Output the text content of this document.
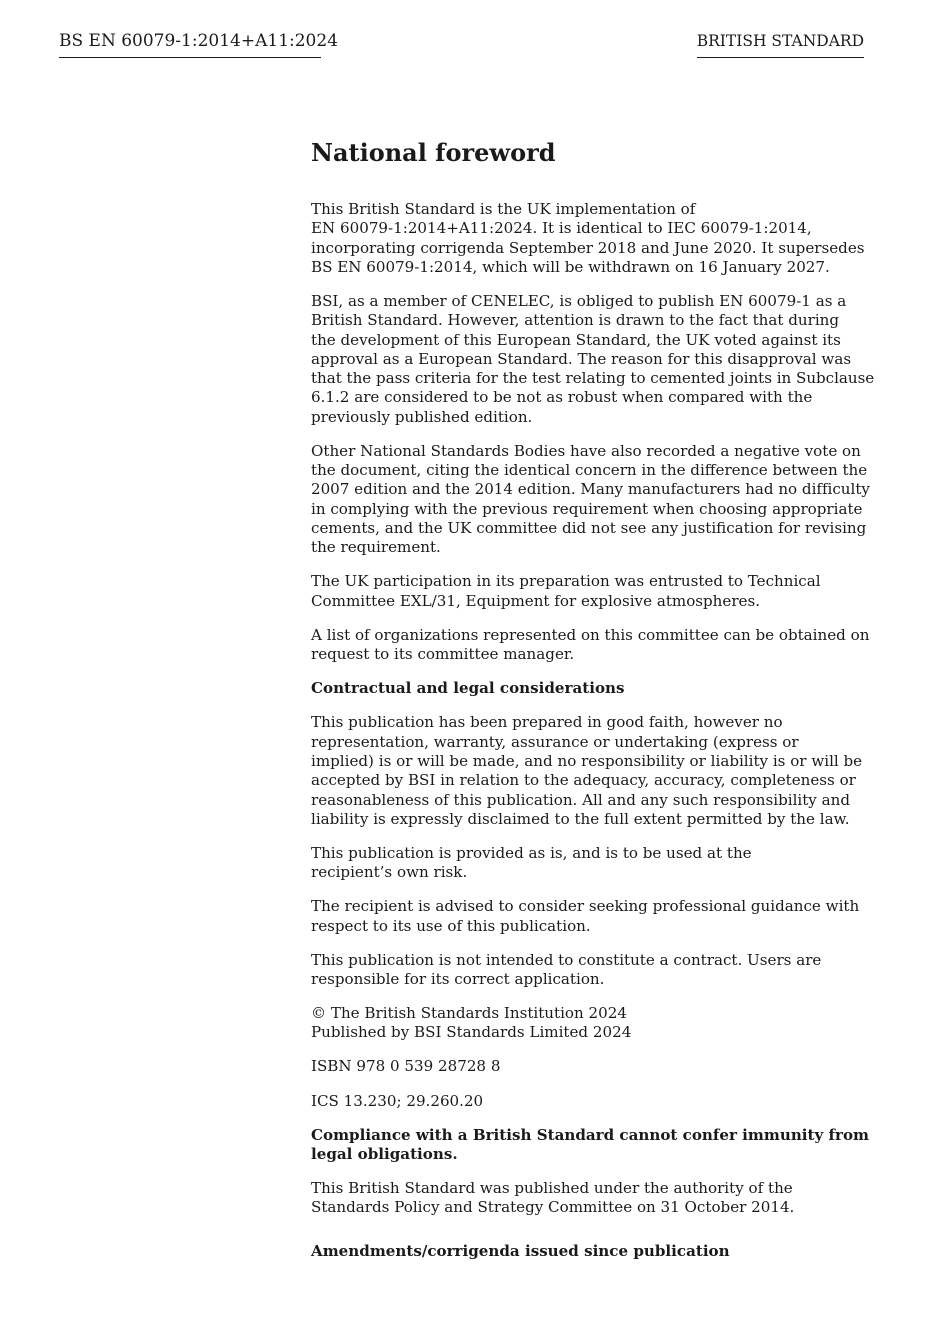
BS EN 60079-1:2014+A11:2024	BRITISH STANDARD
National foreword

This British Standard is the UK implementation of
EN 60079-1:2014+A11:2024. It is identical to IEC 60079-1:2014,
incorporating corrigenda September 2018 and June 2020. It supersedes
BS EN 60079-1:2014, which will be withdrawn on 16 January 2027.

BSI, as a member of CENELEC, is obliged to publish EN 60079-1 as a
British Standard. However, attention is drawn to the fact that during
the development of this European Standard, the UK voted against its
approval as a European Standard. The reason for this disapproval was
that the pass criteria for the test relating to cemented joints in Subclause
6.1.2 are considered to be not as robust when compared with the
previously published edition.

Other National Standards Bodies have also recorded a negative vote on
the document, citing the identical concern in the difference between the
2007 edition and the 2014 edition. Many manufacturers had no difficulty
in complying with the previous requirement when choosing appropriate
cements, and the UK committee did not see any justification for revising
the requirement.

The UK participation in its preparation was entrusted to Technical
Committee EXL/31, Equipment for explosive atmospheres.

A list of organizations represented on this committee can be obtained on
request to its committee manager.

Contractual and legal considerations

This publication has been prepared in good faith, however no
representation, warranty, assurance or undertaking (express or
implied) is or will be made, and no responsibility or liability is or will be
accepted by BSI in relation to the adequacy, accuracy, completeness or
reasonableness of this publication. All and any such responsibility and
liability is expressly disclaimed to the full extent permitted by the law.

This publication is provided as is, and is to be used at the
recipient’s own risk.

The recipient is advised to consider seeking professional guidance with
respect to its use of this publication.

This publication is not intended to constitute a contract. Users are
responsible for its correct application.

© The British Standards Institution 2024
Published by BSI Standards Limited 2024

ISBN 978 0 539 28728 8

ICS 13.230; 29.260.20

Compliance with a British Standard cannot confer immunity from
legal obligations.

This British Standard was published under the authority of the
Standards Policy and Strategy Committee on 31 October 2014.

Amendments/corrigenda issued since publication
